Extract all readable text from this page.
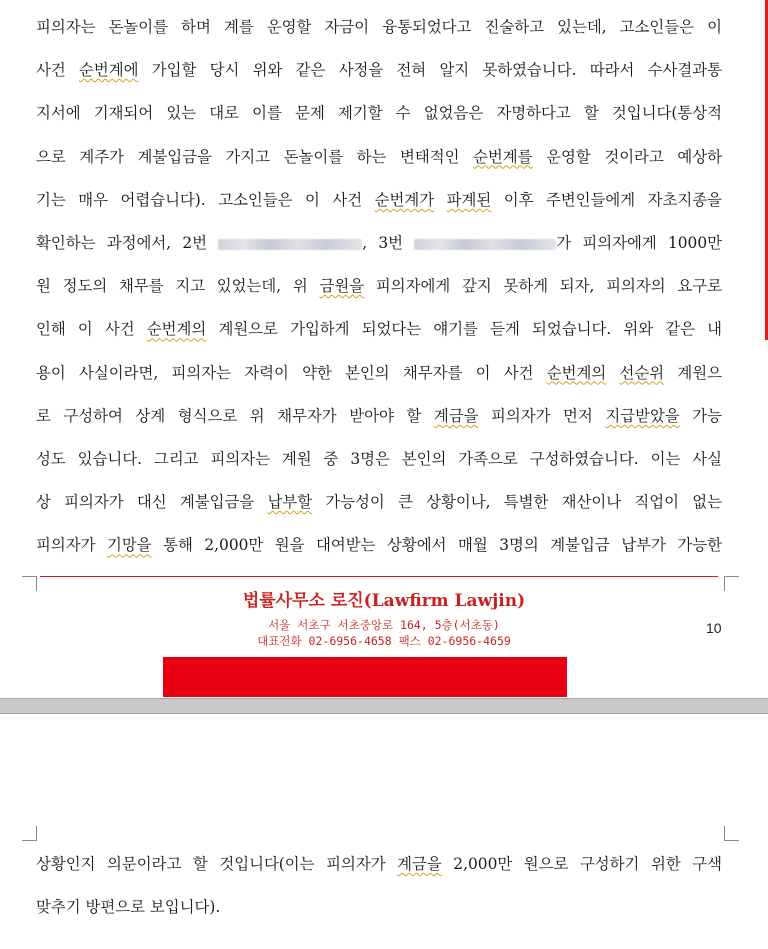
피의자는 돈놀이를 하며 계를 운영할 자금이 융통되었다고 진술하고 있는데, 고소인들은 이
사건 순번계에 가입할 당시 위와 같은 사정을 전혀 알지 못하였습니다. 따라서 수사결과통
지서에 기재되어 있는 대로 이를 문제 제기할 수 없었음은 자명하다고 할 것입니다(통상적
으로 계주가 계불입금을 가지고 돈놀이를 하는 변태적인 순번계를 운영할 것이라고 예상하
기는 매우 어렵습니다). 고소인들은 이 사건 순번계가 파계된 이후 주변인들에게 자초지종을
확인하는 과정에서, 2번	, 3번	가 피의자에게 1000만
원 정도의 채무를 지고 있었는데, 위 금원을 피의자에게 갚지 못하게 되자, 피의자의 요구로
인해 이 사건 순번계의 계원으로 가입하게 되었다는 얘기를 듣게 되었습니다. 위와 같은 내
용이 사실이라면, 피의자는 자력이 약한 본인의 채무자를 이 사건 순번계의 선순위 계원으
로 구성하여 상계 형식으로 위 채무자가 받아야 할 계금을 피의자가 먼저 지급받았을 가능
성도 있습니다. 그리고 피의자는 계원 중 3명은 본인의 가족으로 구성하였습니다. 이는 사실
상 피의자가 대신 계불입금을 납부할 가능성이 큰 상황이나, 특별한 재산이나 직업이 없는
피의자가 기망을 통해 2,000만 원을 대여받는 상황에서 매월 3명의 계불입금 납부가 가능한
법률사무소 로진(Lawfirm Lawjin)
서울 서초구 서초중앙로 164, 5층(서초동)
대표전화 02-6956-4658 팩스 02-6956-4659
10
상황인지 의문이라고 할 것입니다(이는 피의자가 계금을 2,000만 원으로 구성하기 위한 구색
맞추기 방편으로 보입니다).
